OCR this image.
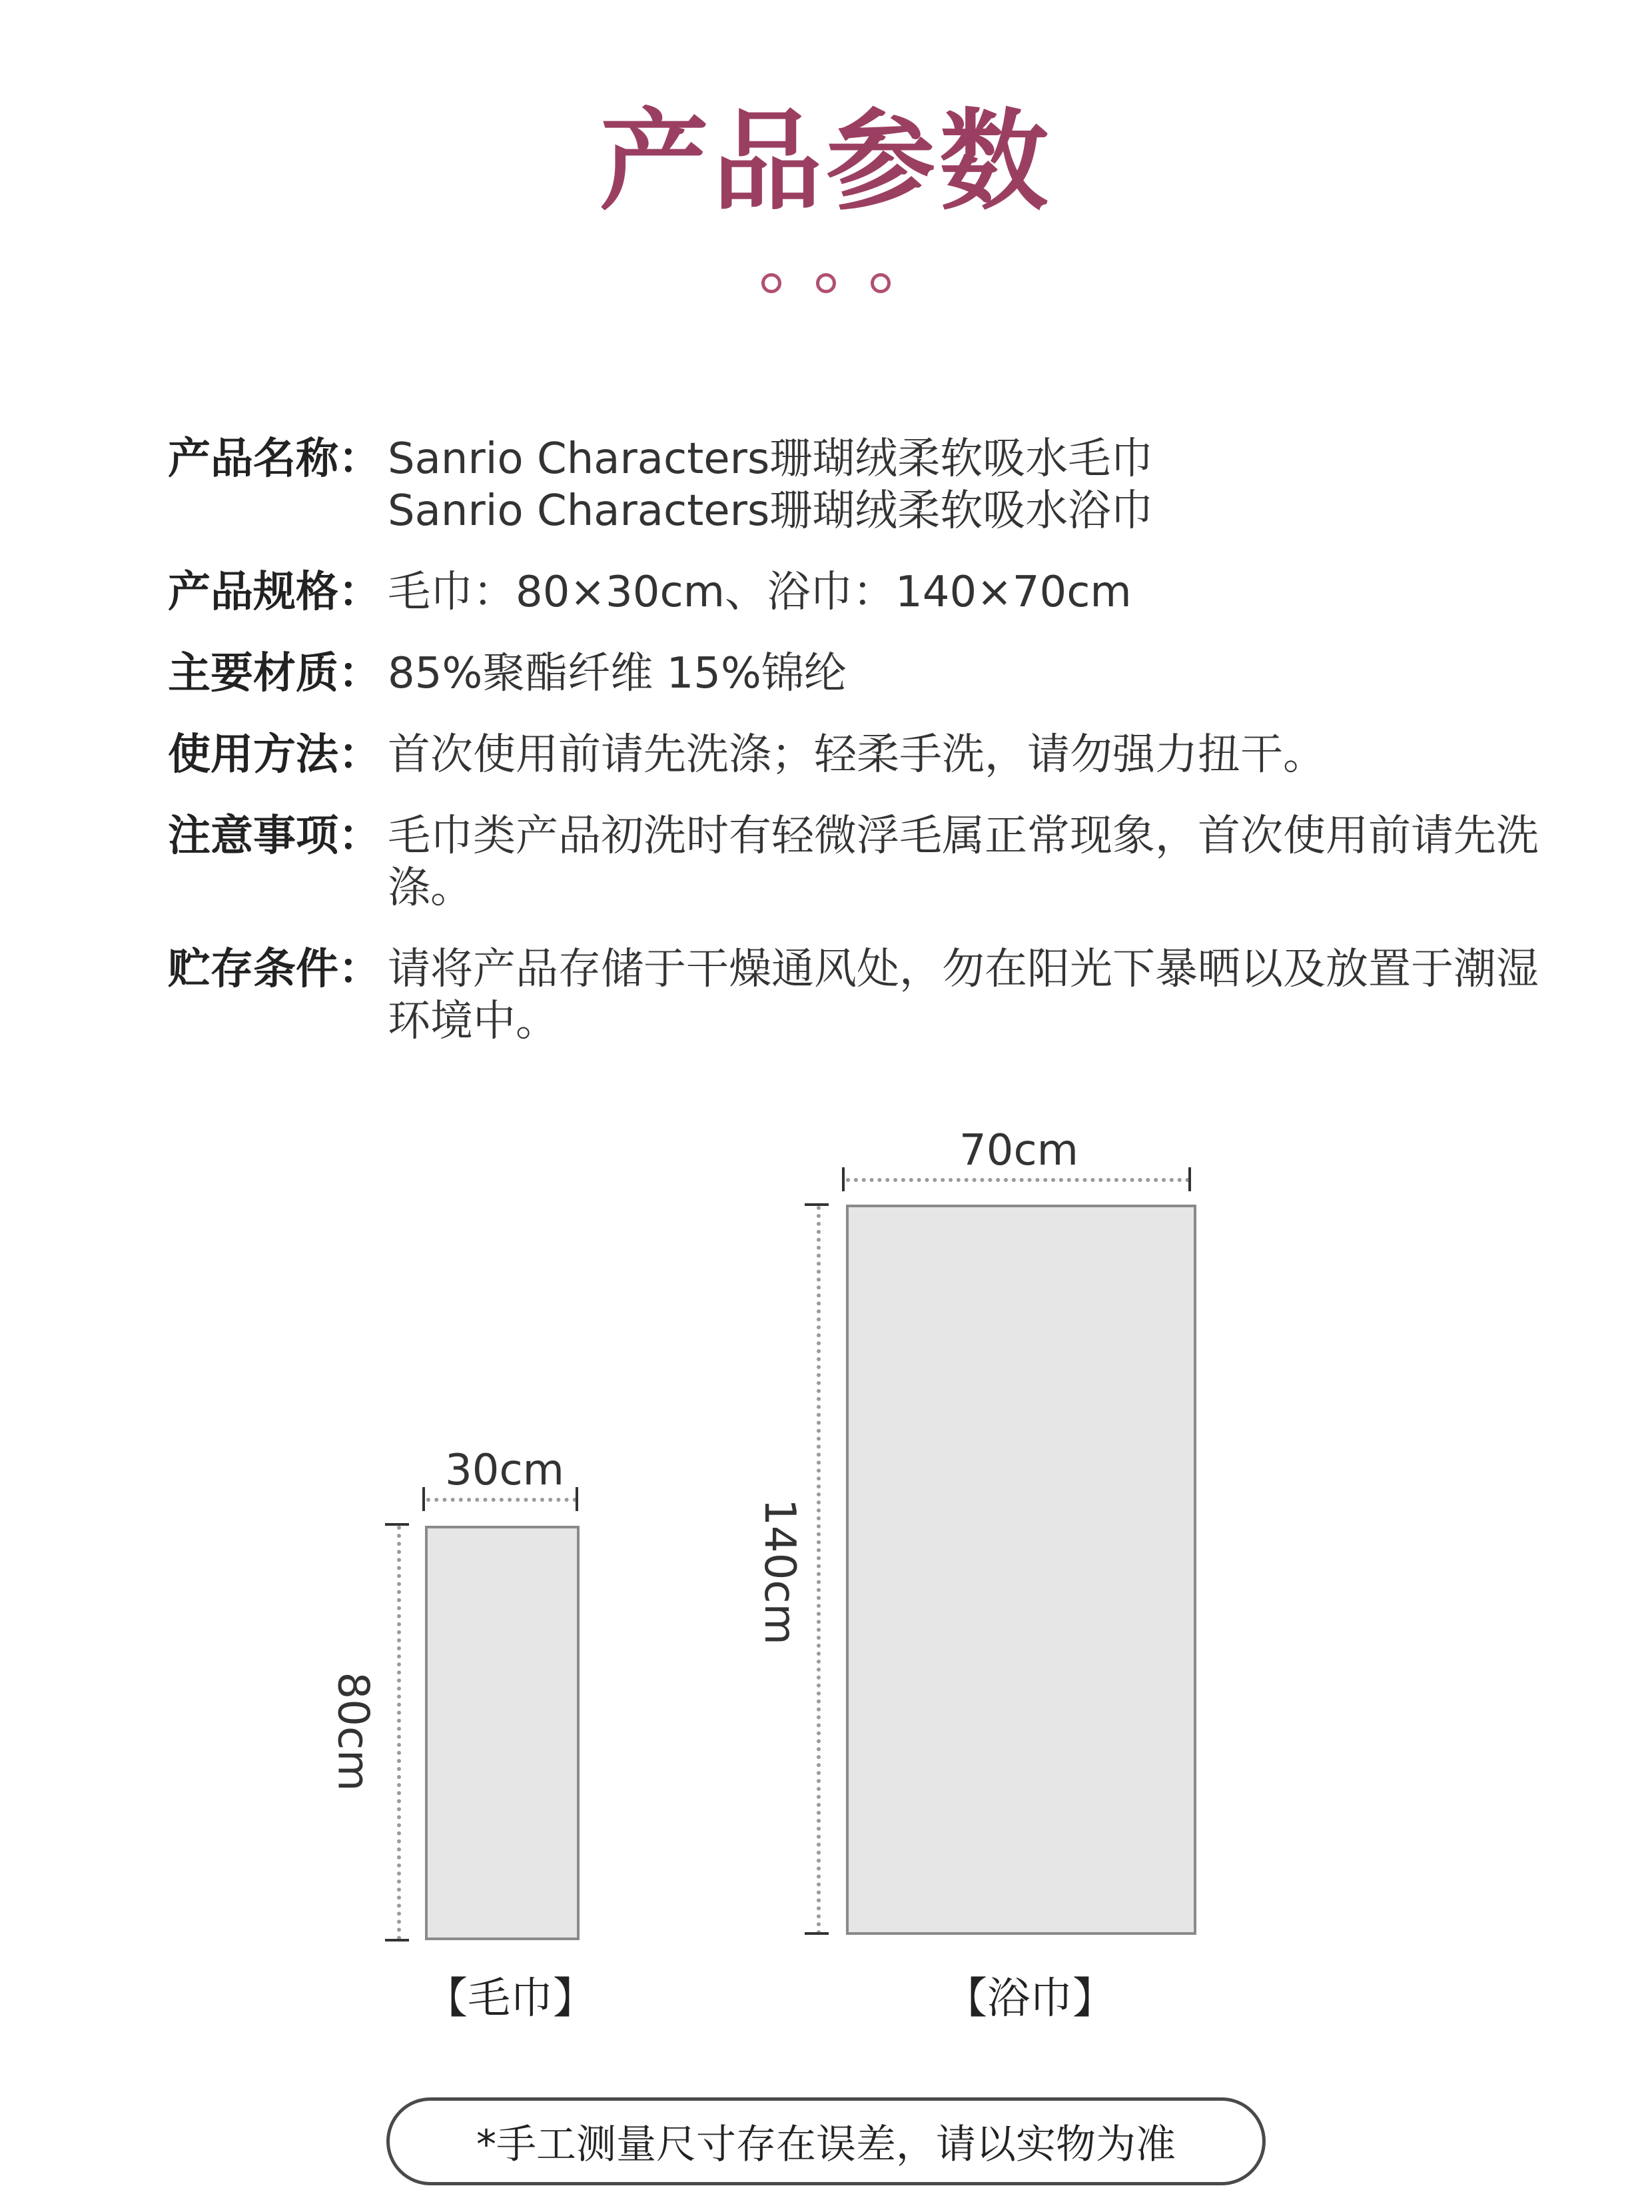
产品参数
产品名称： Sanrio Characters珊瑚绒柔软吸水毛巾
Sanrio Characters珊瑚绒柔软吸水浴巾
产品规格： 毛巾：80×30cm、浴巾：140×70cm
主要材质： 85%聚酯纤维 15%锦纶
使用方法： 首次使用前请先洗涤；轻柔手洗，请勿强力扭干。
注意事项： 毛巾类产品初洗时有轻微浮毛属正常现象，首次使用前请先洗涤。
贮存条件： 请将产品存储于干燥通风处，勿在阳光下暴晒以及放置于潮湿环境中。
30cm
80cm
【毛巾】
70cm
140cm
【浴巾】
*手工测量尺寸存在误差，请以实物为准
